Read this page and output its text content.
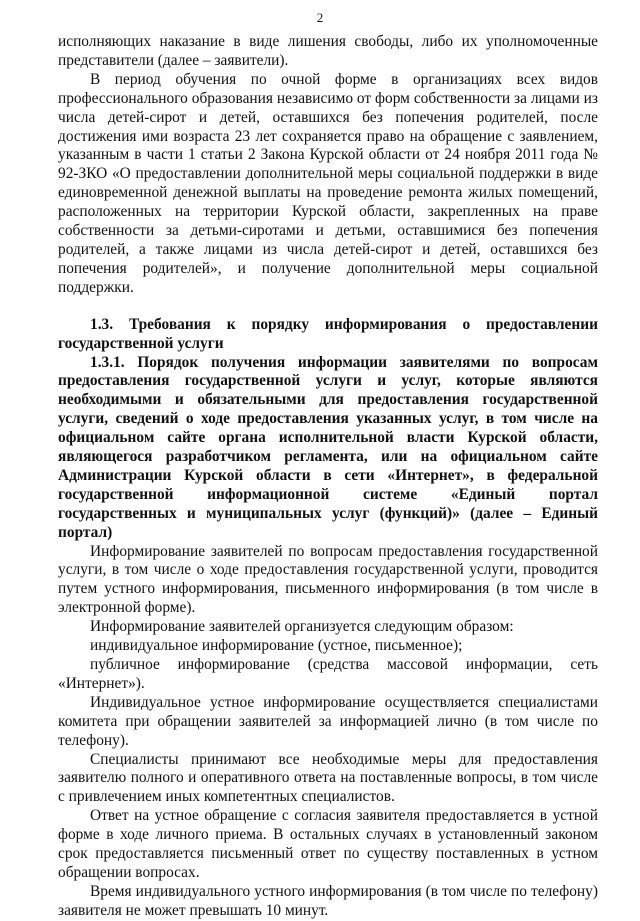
2

исполняющих наказание в виде лишения свободы, либо их уполномоченные представители (далее – заявители).

В период обучения по очной форме в организациях всех видов профессионального образования независимо от форм собственности за лицами из числа детей-сирот и детей, оставшихся без попечения родителей, после достижения ими возраста 23 лет сохраняется право на обращение с заявлением, указанным в части 1 статьи 2 Закона Курской области от 24 ноября 2011 года № 92-ЗКО «О предоставлении дополнительной меры социальной поддержки в виде единовременной денежной выплаты на проведение ремонта жилых помещений, расположенных на территории Курской области, закрепленных на праве собственности за детьми-сиротами и детьми, оставшимися без попечения родителей, а также лицами из числа детей-сирот и детей, оставшихся без попечения родителей», и получение дополнительной меры социальной поддержки.

1.3. Требования к порядку информирования о предоставлении государственной услуги

1.3.1. Порядок получения информации заявителями по вопросам предоставления государственной услуги и услуг, которые являются необходимыми и обязательными для предоставления государственной услуги, сведений о ходе предоставления указанных услуг, в том числе на официальном сайте органа исполнительной власти Курской области, являющегося разработчиком регламента, или на официальном сайте Администрации Курской области в сети «Интернет», в федеральной государственной информационной системе «Единый портал государственных и муниципальных услуг (функций)» (далее – Единый портал)

Информирование заявителей по вопросам предоставления государственной услуги, в том числе о ходе предоставления государственной услуги, проводится путем устного информирования, письменного информирования (в том числе в электронной форме).

Информирование заявителей организуется следующим образом:

индивидуальное информирование (устное, письменное);

публичное информирование (средства массовой информации, сеть «Интернет»).

Индивидуальное устное информирование осуществляется специалистами комитета при обращении заявителей за информацией лично (в том числе по телефону).

Специалисты принимают все необходимые меры для предоставления заявителю полного и оперативного ответа на поставленные вопросы, в том числе с привлечением иных компетентных специалистов.

Ответ на устное обращение с согласия заявителя предоставляется в устной форме в ходе личного приема. В остальных случаях в установленный законом срок предоставляется письменный ответ по существу поставленных в устном обращении вопросах.

Время индивидуального устного информирования (в том числе по телефону) заявителя не может превышать 10 минут.
